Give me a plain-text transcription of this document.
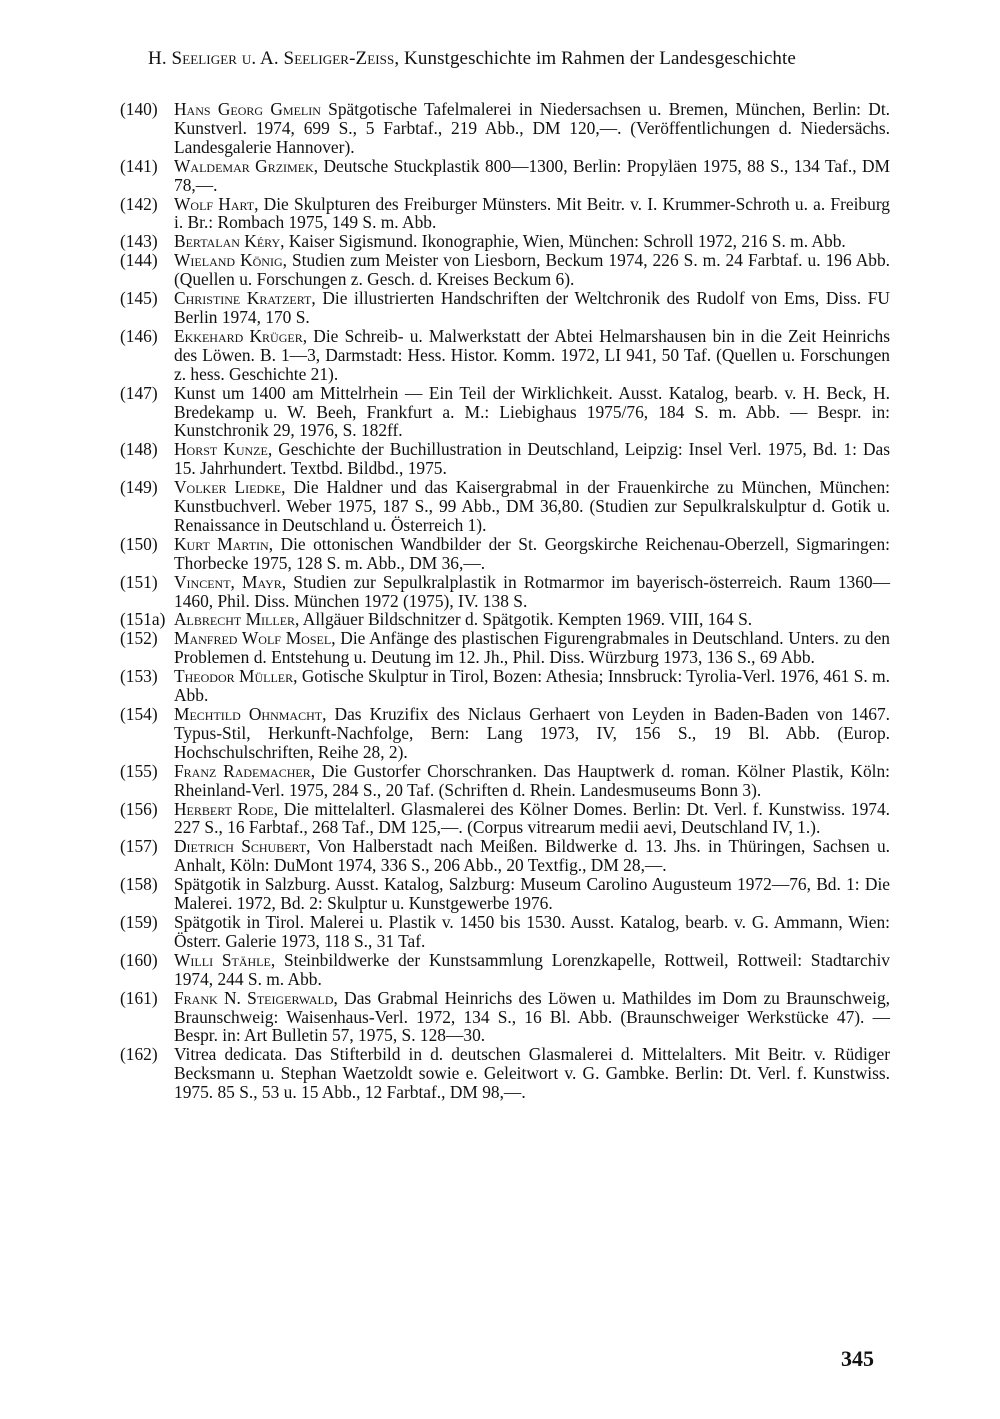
H. Seeliger u. A. Seeliger-Zeiss, Kunstgeschichte im Rahmen der Landesgeschichte
(140) Hans Georg Gmelin Spätgotische Tafelmalerei in Niedersachsen u. Bremen, München, Berlin: Dt. Kunstverl. 1974, 699 S., 5 Farbtaf., 219 Abb., DM 120,—. (Veröffentlichungen d. Niedersächs. Landesgalerie Hannover).
(141) Waldemar Grzimek, Deutsche Stuckplastik 800—1300, Berlin: Propyläen 1975, 88 S., 134 Taf., DM 78,—.
(142) Wolf Hart, Die Skulpturen des Freiburger Münsters. Mit Beitr. v. I. Krummer-Schroth u. a. Freiburg i. Br.: Rombach 1975, 149 S. m. Abb.
(143) Bertalan Kéry, Kaiser Sigismund. Ikonographie, Wien, München: Schroll 1972, 216 S. m. Abb.
(144) Wieland König, Studien zum Meister von Liesborn, Beckum 1974, 226 S. m. 24 Farbtaf. u. 196 Abb. (Quellen u. Forschungen z. Gesch. d. Kreises Beckum 6).
(145) Christine Kratzert, Die illustrierten Handschriften der Weltchronik des Rudolf von Ems, Diss. FU Berlin 1974, 170 S.
(146) Ekkehard Krüger, Die Schreib- u. Malwerkstatt der Abtei Helmarshausen bin in die Zeit Heinrichs des Löwen. B. 1—3, Darmstadt: Hess. Histor. Komm. 1972, LI 941, 50 Taf. (Quellen u. Forschungen z. hess. Geschichte 21).
(147) Kunst um 1400 am Mittelrhein — Ein Teil der Wirklichkeit. Ausst. Katalog, bearb. v. H. Beck, H. Bredekamp u. W. Beeh, Frankfurt a. M.: Liebighaus 1975/76, 184 S. m. Abb. — Bespr. in: Kunstchronik 29, 1976, S. 182ff.
(148) Horst Kunze, Geschichte der Buchillustration in Deutschland, Leipzig: Insel Verl. 1975, Bd. 1: Das 15. Jahrhundert. Textbd. Bildbd., 1975.
(149) Volker Liedke, Die Haldner und das Kaisergrabmal in der Frauenkirche zu München, München: Kunstbuchverl. Weber 1975, 187 S., 99 Abb., DM 36,80. (Studien zur Sepulkralskulptur d. Gotik u. Renaissance in Deutschland u. Österreich 1).
(150) Kurt Martin, Die ottonischen Wandbilder der St. Georgskirche Reichenau-Oberzell, Sigmaringen: Thorbecke 1975, 128 S. m. Abb., DM 36,—.
(151) Vincent, Mayr, Studien zur Sepulkralplastik in Rotmarmor im bayerisch-österreich. Raum 1360—1460, Phil. Diss. München 1972 (1975), IV. 138 S.
(151a) Albrecht Miller, Allgäuer Bildschnitzer d. Spätgotik. Kempten 1969. VIII, 164 S.
(152) Manfred Wolf Mosel, Die Anfänge des plastischen Figurengrabmales in Deutschland. Unters. zu den Problemen d. Entstehung u. Deutung im 12. Jh., Phil. Diss. Würzburg 1973, 136 S., 69 Abb.
(153) Theodor Müller, Gotische Skulptur in Tirol, Bozen: Athesia; Innsbruck: Tyrolia-Verl. 1976, 461 S. m. Abb.
(154) Mechtild Ohnmacht, Das Kruzifix des Niclaus Gerhaert von Leyden in Baden-Baden von 1467. Typus-Stil, Herkunft-Nachfolge, Bern: Lang 1973, IV, 156 S., 19 Bl. Abb. (Europ. Hochschulschriften, Reihe 28, 2).
(155) Franz Rademacher, Die Gustorfer Chorschranken. Das Hauptwerk d. roman. Kölner Plastik, Köln: Rheinland-Verl. 1975, 284 S., 20 Taf. (Schriften d. Rhein. Landesmuseums Bonn 3).
(156) Herbert Rode, Die mittelalterl. Glasmalerei des Kölner Domes. Berlin: Dt. Verl. f. Kunstwiss. 1974. 227 S., 16 Farbtaf., 268 Taf., DM 125,—. (Corpus vitrearum medii aevi, Deutschland IV, 1.).
(157) Dietrich Schubert, Von Halberstadt nach Meißen. Bildwerke d. 13. Jhs. in Thüringen, Sachsen u. Anhalt, Köln: DuMont 1974, 336 S., 206 Abb., 20 Textfig., DM 28,—.
(158) Spätgotik in Salzburg. Ausst. Katalog, Salzburg: Museum Carolino Augusteum 1972—76, Bd. 1: Die Malerei. 1972, Bd. 2: Skulptur u. Kunstgewerbe 1976.
(159) Spätgotik in Tirol. Malerei u. Plastik v. 1450 bis 1530. Ausst. Katalog, bearb. v. G. Ammann, Wien: Österr. Galerie 1973, 118 S., 31 Taf.
(160) Willi Stähle, Steinbildwerke der Kunstsammlung Lorenzkapelle, Rottweil, Rottweil: Stadtarchiv 1974, 244 S. m. Abb.
(161) Frank N. Steigerwald, Das Grabmal Heinrichs des Löwen u. Mathildes im Dom zu Braunschweig, Braunschweig: Waisenhaus-Verl. 1972, 134 S., 16 Bl. Abb. (Braunschweiger Werkstücke 47). — Bespr. in: Art Bulletin 57, 1975, S. 128—30.
(162) Vitrea dedicata. Das Stifterbild in d. deutschen Glasmalerei d. Mittelalters. Mit Beitr. v. Rüdiger Becksmann u. Stephan Waetzoldt sowie e. Geleitwort v. G. Gambke. Berlin: Dt. Verl. f. Kunstwiss. 1975. 85 S., 53 u. 15 Abb., 12 Farbtaf., DM 98,—.
345
